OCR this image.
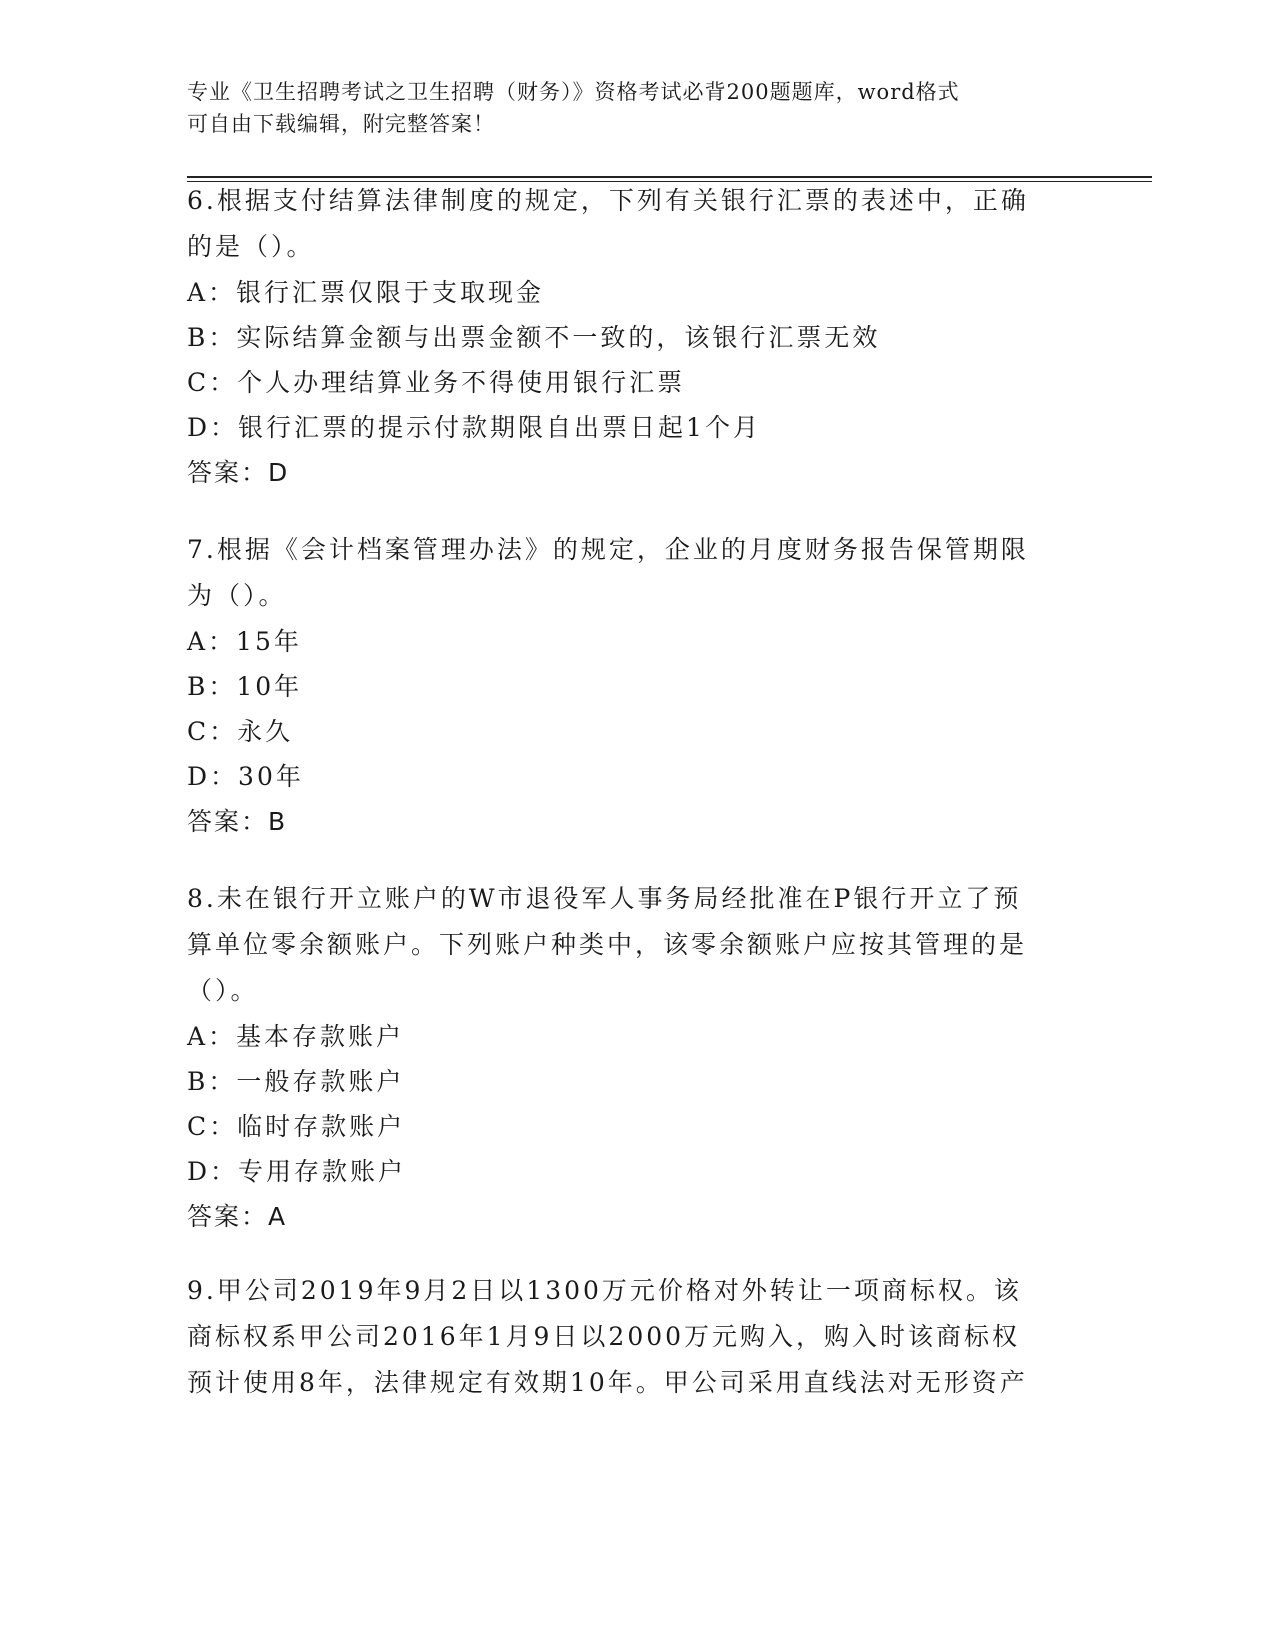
专业《卫生招聘考试之卫生招聘（财务）》资格考试必背200题题库，word格式
可自由下载编辑，附完整答案！
6.根据支付结算法律制度的规定，下列有关银行汇票的表述中，正确
的是（）。
A：银行汇票仅限于支取现金
B：实际结算金额与出票金额不一致的，该银行汇票无效
C：个人办理结算业务不得使用银行汇票
D：银行汇票的提示付款期限自出票日起1个月
答案：D
7.根据《会计档案管理办法》的规定，企业的月度财务报告保管期限
为（）。
A：15年
B：10年
C：永久
D：30年
答案：B
8.未在银行开立账户的W市退役军人事务局经批准在P银行开立了预
算单位零余额账户。下列账户种类中，该零余额账户应按其管理的是
（）。
A：基本存款账户
B：一般存款账户
C：临时存款账户
D：专用存款账户
答案：A
9.甲公司2019年9月2日以1300万元价格对外转让一项商标权。该
商标权系甲公司2016年1月9日以2000万元购入，购入时该商标权
预计使用8年，法律规定有效期10年。甲公司采用直线法对无形资产
